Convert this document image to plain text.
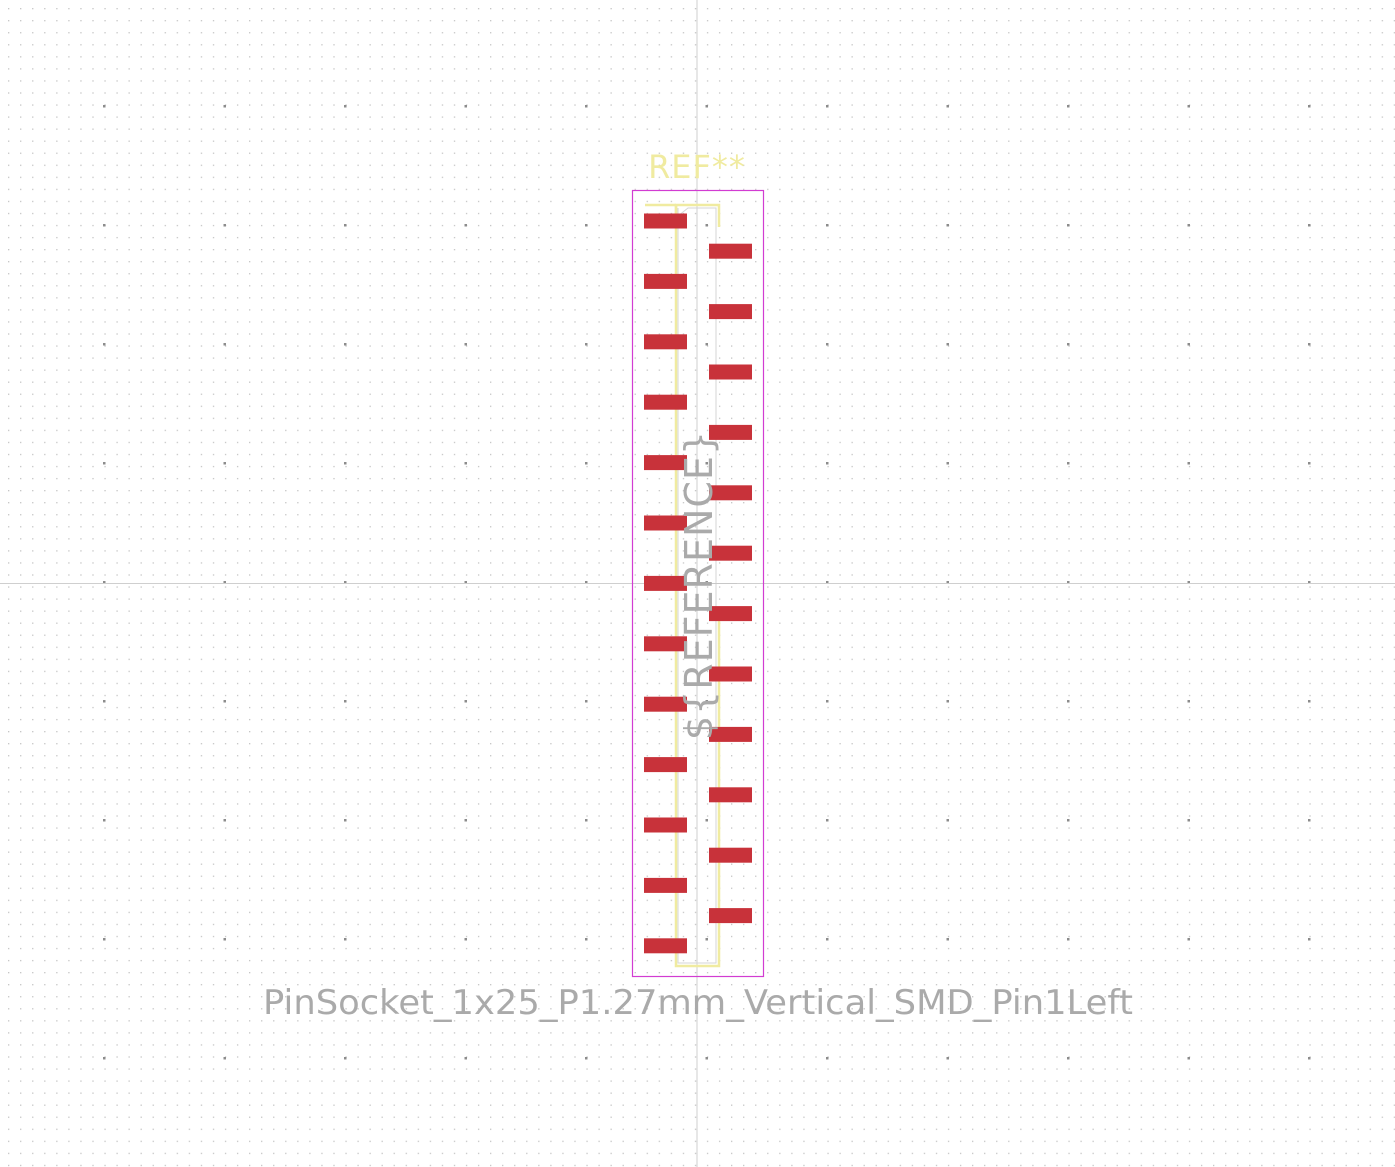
${REFERENCE}
REF**
PinSocket_1x25_P1.27mm_Vertical_SMD_Pin1Left
